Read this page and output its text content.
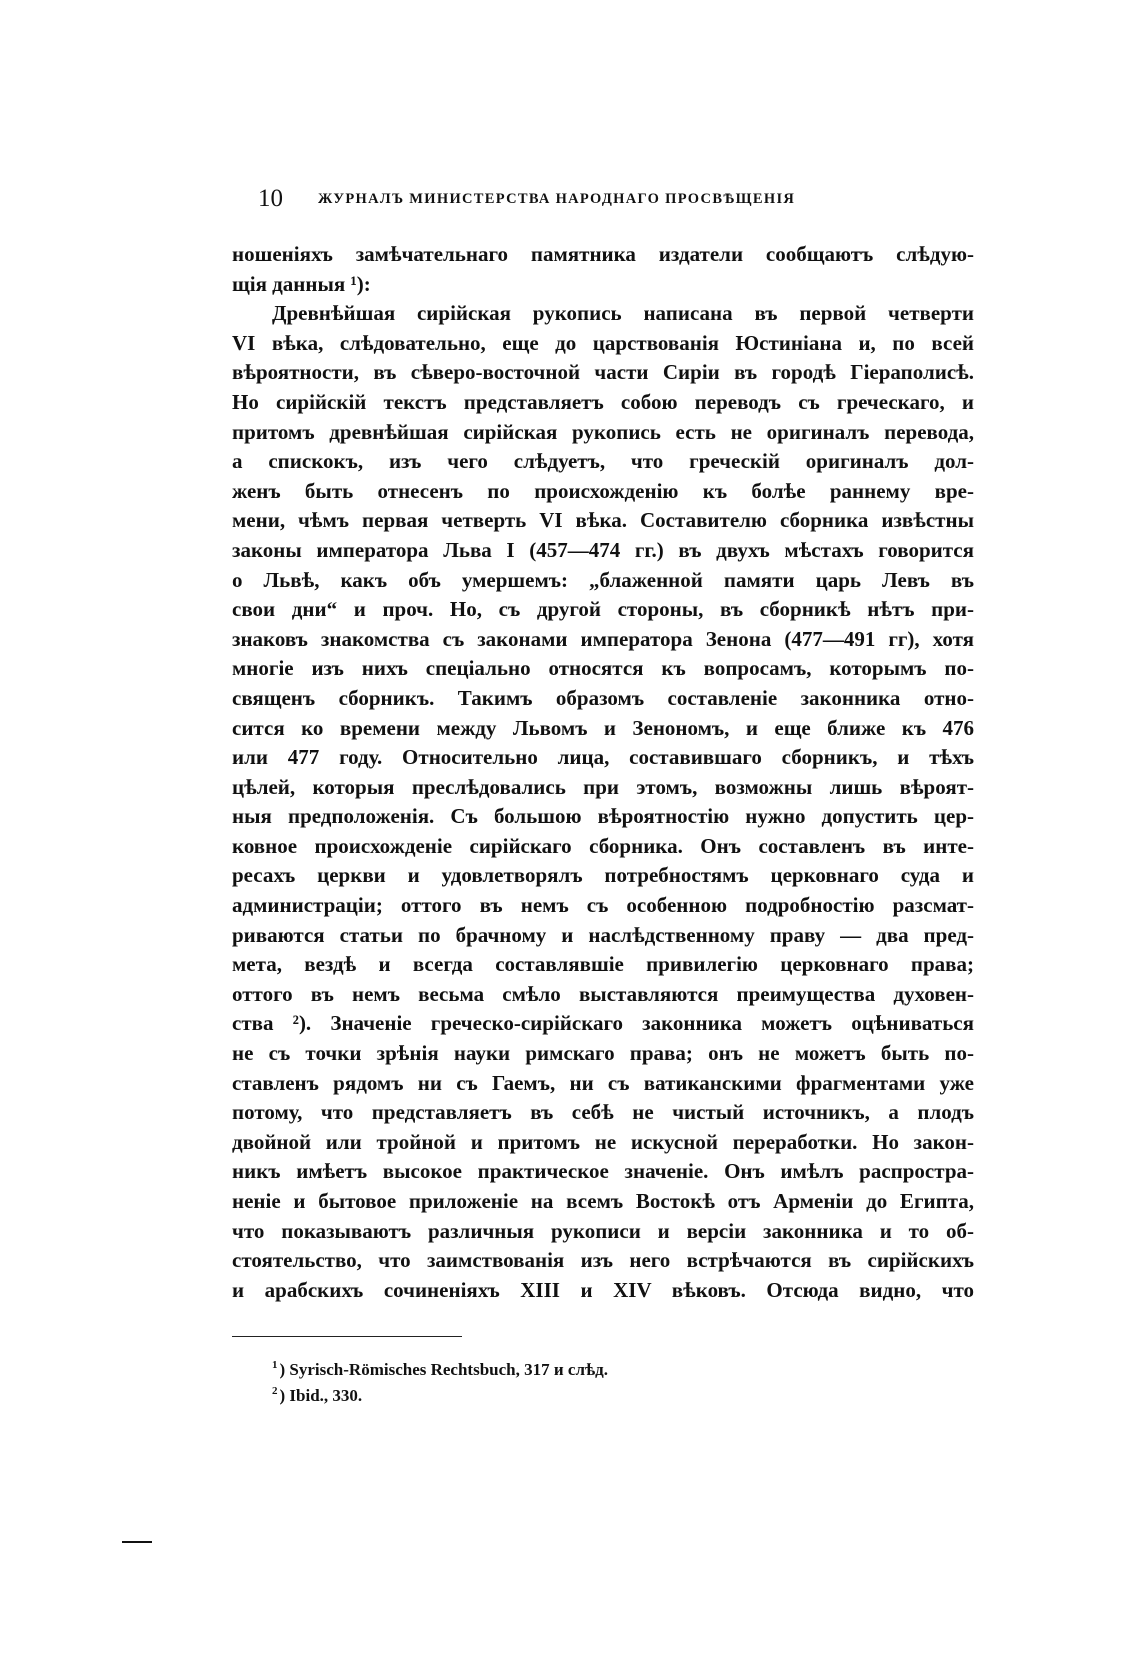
10 ЖУРНАЛЪ МИНИСТЕРСТВА НАРОДНАГО ПРОСВѢЩЕНІЯ
ношеніяхъ замѣчательнаго памятника издатели сообщаютъ слѣдую-
щія данныя ¹):
Древнѣйшая сирійская рукопись написана въ первой четверти
VI вѣка, слѣдовательно, еще до царствованія Юстиніана и, по всей
вѣроятности, въ сѣверо-восточной части Сиріи въ городѣ Гіераполисѣ.
Но сирійскій текстъ представляетъ собою переводъ съ греческаго, и
притомъ древнѣйшая сирійская рукопись есть не оригиналъ перевода,
а спискокъ, изъ чего слѣдуетъ, что греческій оригиналъ дол-
женъ быть отнесенъ по происхожденію къ болѣе раннему вре-
мени, чѣмъ первая четверть VI вѣка. Составителю сборника извѣстны
законы императора Льва I (457—474 гг.) въ двухъ мѣстахъ говорится
о Львѣ, какъ объ умершемъ: „блаженной памяти царь Левъ въ
свои дни“ и проч. Но, съ другой стороны, въ сборникѣ нѣтъ при-
знаковъ знакомства съ законами императора Зенона (477—491 гг), хотя
многіе изъ нихъ спеціально относятся къ вопросамъ, которымъ по-
священъ сборникъ. Такимъ образомъ составленіе законника отно-
сится ко времени между Львомъ и Зенономъ, и еще ближе къ 476
или 477 году. Относительно лица, составившаго сборникъ, и тѣхъ
цѣлей, которыя преслѣдовались при этомъ, возможны лишь вѣроят-
ныя предположенія. Съ большою вѣроятностію нужно допустить цер-
ковное происхожденіе сирійскаго сборника. Онъ составленъ въ инте-
ресахъ церкви и удовлетворялъ потребностямъ церковнаго суда и
администраціи; оттого въ немъ съ особенною подробностію разсмат-
риваются статьи по брачному и наслѣдственному праву — два пред-
мета, вездѣ и всегда составлявшіе привилегію церковнаго права;
оттого въ немъ весьма смѣло выставляются преимущества духовен-
ства ²). Значеніе греческо-сирійскаго законника можетъ оцѣниваться
не съ точки зрѣнія науки римскаго права; онъ не можетъ быть по-
ставленъ рядомъ ни съ Гаемъ, ни съ ватиканскими фрагментами уже
потому, что представляетъ въ себѣ не чистый источникъ, а плодъ
двойной или тройной и притомъ не искусной переработки. Но закон-
никъ имѣетъ высокое практическое значеніе. Онъ имѣлъ распростра-
неніе и бытовое приложеніе на всемъ Востокѣ отъ Арменіи до Египта,
что показываютъ различныя рукописи и версіи законника и то об-
стоятельство, что заимствованія изъ него встрѣчаются въ сирійскихъ
и арабскихъ сочиненіяхъ XIII и XIV вѣковъ. Отсюда видно, что
$^1$ ) Syrisch-Römisches Rechtsbuch, 317 и слѣд.
$^2$ ) Ibid., 330.
